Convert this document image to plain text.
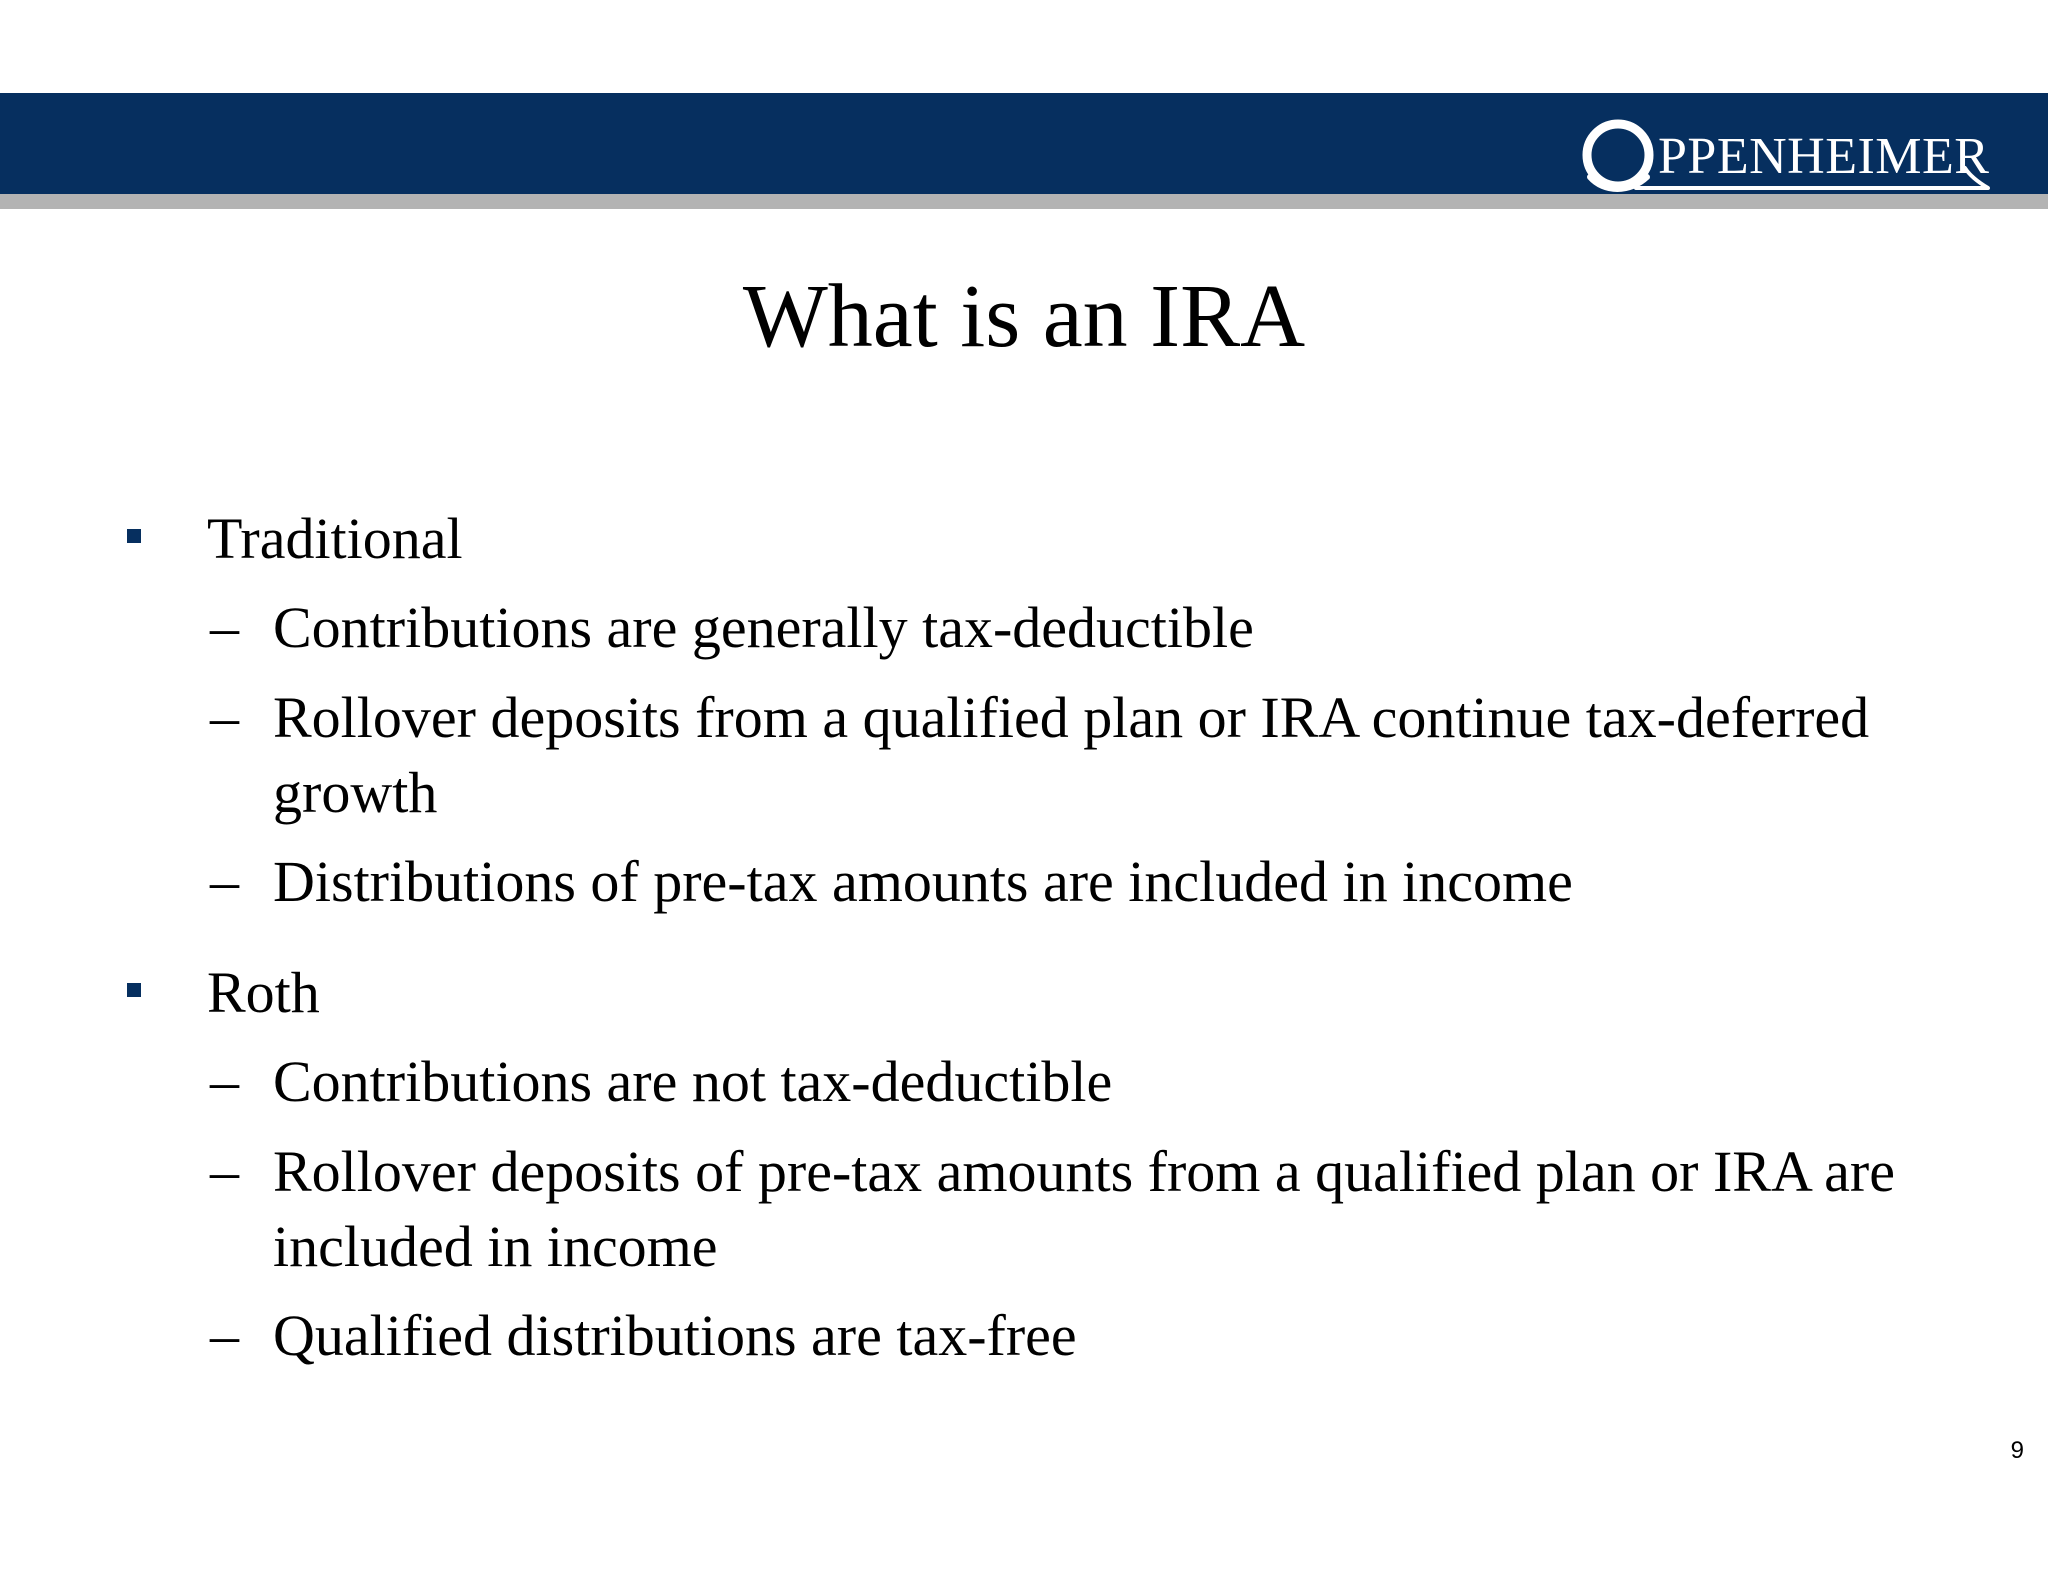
PPENHEIMER
What is an IRA
Traditional
– Contributions are generally tax-deductible
– Rollover deposits from a qualified plan or IRA continue tax-deferred growth
– Distributions of pre-tax amounts are included in income
Roth
– Contributions are not tax-deductible
– Rollover deposits of pre-tax amounts from a qualified plan or IRA are included in income
– Qualified distributions are tax-free
9
